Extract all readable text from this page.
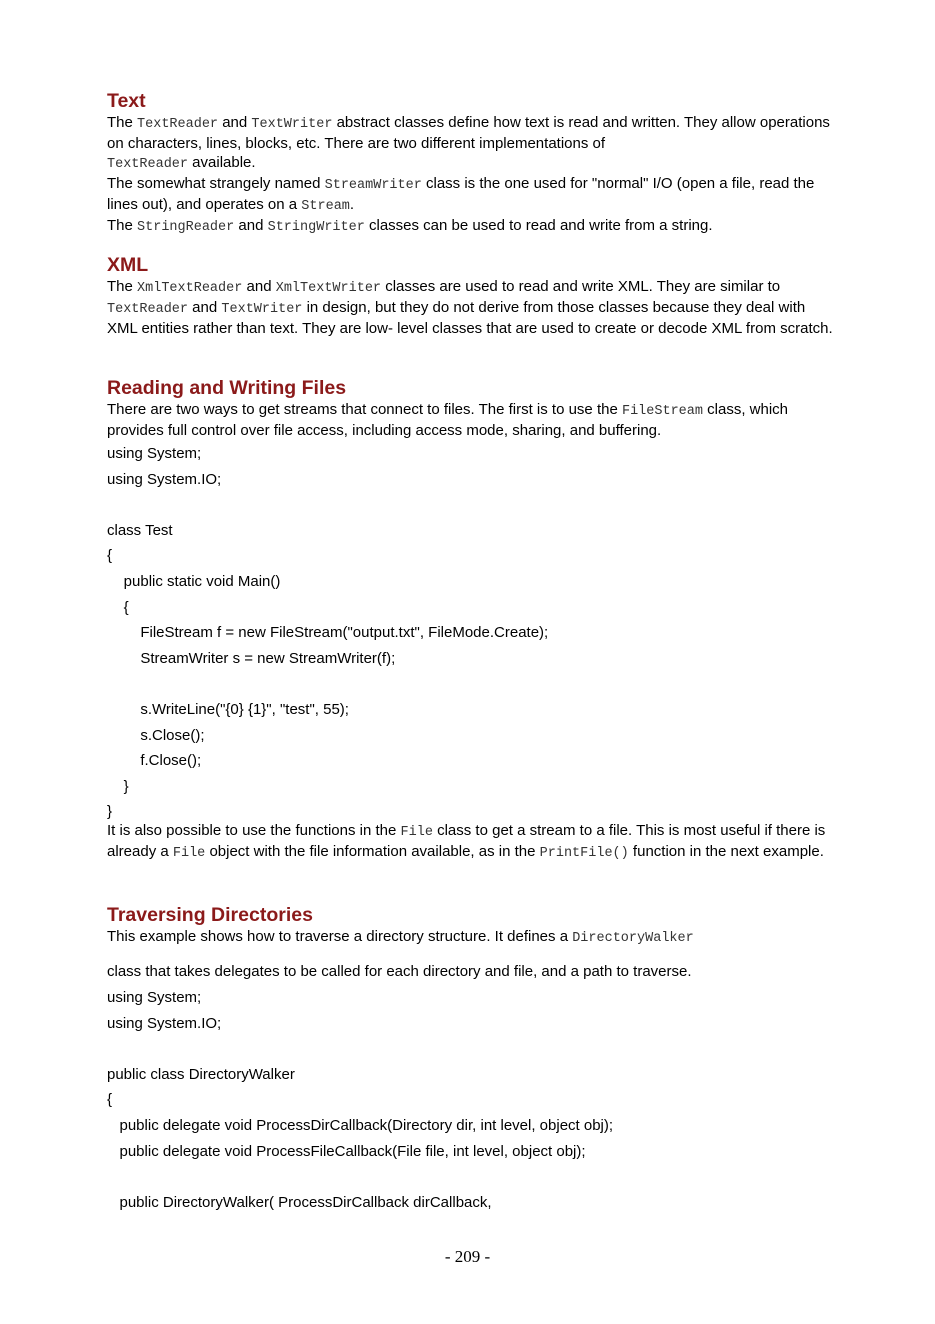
Text

The TextReader and TextWriter abstract classes define how text is read and written. They allow operations on characters, lines, blocks, etc. There are two different implementations of
TextReader available.

The somewhat strangely named StreamWriter class is the one used for "normal" I/O (open a file, read the lines out), and operates on a Stream.

The StringReader and StringWriter classes can be used to read and write from a string.

XML

The XmlTextReader and XmlTextWriter classes are used to read and write XML. They are similar to TextReader and TextWriter in design, but they do not derive from those classes because they deal with XML entities rather than text. They are low- level classes that are used to create or decode XML from scratch.

Reading and Writing Files

There are two ways to get streams that connect to files. The first is to use the FileStream class, which provides full control over file access, including access mode, sharing, and buffering.

using System;
using System.IO;
class Test
{
public static void Main()
{
FileStream f = new FileStream("output.txt", FileMode.Create);
StreamWriter s = new StreamWriter(f);
s.WriteLine("{0} {1}", "test", 55);
s.Close();
f.Close();
}

}

It is also possible to use the functions in the File class to get a stream to a file. This is most useful if there is already a File object with the file information available, as in the PrintFile() function in the next example.

Traversing Directories

This example shows how to traverse a directory structure. It defines a DirectoryWalker

class that takes delegates to be called for each directory and file, and a path to traverse.

using System;
using System.IO;
public class DirectoryWalker
{
public delegate void ProcessDirCallback(Directory dir, int level, object obj);
public delegate void ProcessFileCallback(File file, int level, object obj);
public DirectoryWalker( ProcessDirCallback dirCallback,
- 209 -
